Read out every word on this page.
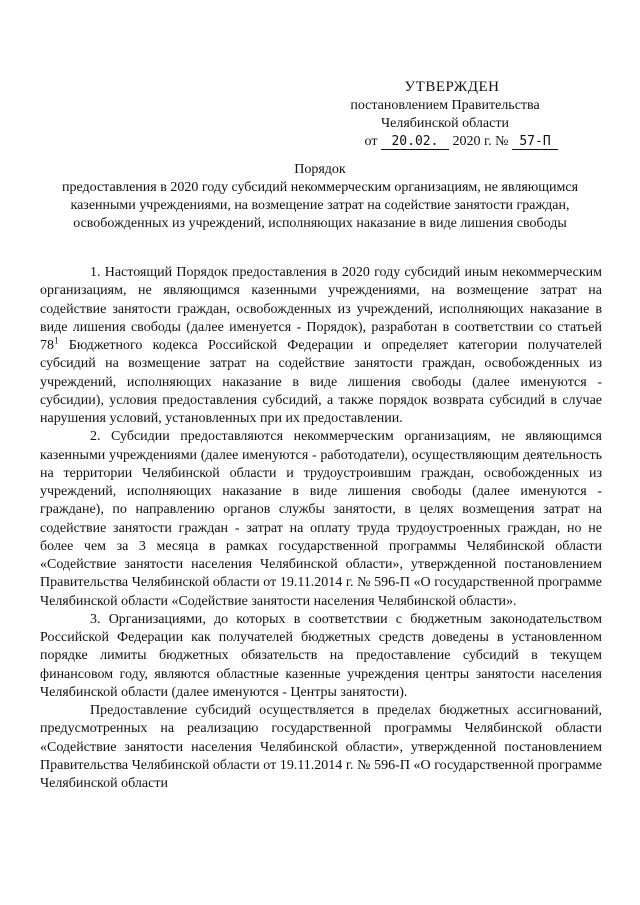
УТВЕРЖДЕН
постановлением Правительства
Челябинской области
от 20.02. 2020 г. № 57-П
Порядок
предоставления в 2020 году субсидий некоммерческим организациям, не являющимся казенными учреждениями, на возмещение затрат на содействие занятости граждан, освобожденных из учреждений, исполняющих наказание в виде лишения свободы

1. Настоящий Порядок предоставления в 2020 году субсидий иным некоммерческим организациям, не являющимся казенными учреждениями, на возмещение затрат на содействие занятости граждан, освобожденных из учреждений, исполняющих наказание в виде лишения свободы (далее именуется - Порядок), разработан в соответствии со статьей $78^1$ Бюджетного кодекса Российской Федерации и определяет категории получателей субсидий на возмещение затрат на содействие занятости граждан, освобожденных из учреждений, исполняющих наказание в виде лишения свободы (далее именуются - субсидии), условия предоставления субсидий, а также порядок возврата субсидий в случае нарушения условий, установленных при их предоставлении.

2. Субсидии предоставляются некоммерческим организациям, не являющимся казенными учреждениями (далее именуются - работодатели), осуществляющим деятельность на территории Челябинской области и трудоустроившим граждан, освобожденных из учреждений, исполняющих наказание в виде лишения свободы (далее именуются - граждане), по направлению органов службы занятости, в целях возмещения затрат на содействие занятости граждан - затрат на оплату труда трудоустроенных граждан, но не более чем за 3 месяца в рамках государственной программы Челябинской области «Содействие занятости населения Челябинской области», утвержденной постановлением Правительства Челябинской области от 19.11.2014 г. № 596-П «О государственной программе Челябинской области «Содействие занятости населения Челябинской области».

3. Организациями, до которых в соответствии с бюджетным законодательством Российской Федерации как получателей бюджетных средств доведены в установленном порядке лимиты бюджетных обязательств на предоставление субсидий в текущем финансовом году, являются областные казенные учреждения центры занятости населения Челябинской области (далее именуются - Центры занятости).

Предоставление субсидий осуществляется в пределах бюджетных ассигнований, предусмотренных на реализацию государственной программы Челябинской области «Содействие занятости населения Челябинской области», утвержденной постановлением Правительства Челябинской области от 19.11.2014 г. № 596-П «О государственной программе Челябинской области
